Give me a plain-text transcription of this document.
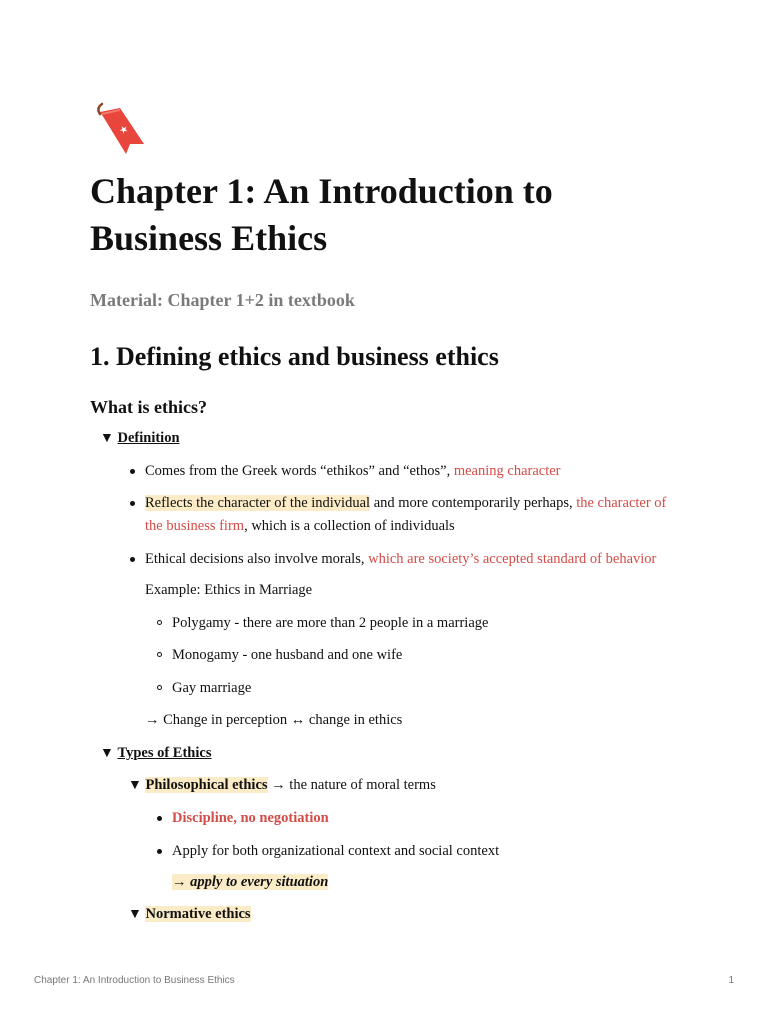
★
Chapter 1: An Introduction to Business Ethics

Material: Chapter 1+2 in textbook

1. Defining ethics and business ethics
What is ethics?
▼ Definition
Comes from the Greek words “ethikos” and “ethos”, meaning character
Reflects the character of the individual and more contemporarily perhaps, the character of the business firm, which is a collection of individuals
Ethical decisions also involve morals, which are society’s accepted standard of behavior
Example: Ethics in Marriage
Polygamy - there are more than 2 people in a marriage
Monogamy - one husband and one wife
Gay marriage
→ Change in perception ↔ change in ethics
▼ Types of Ethics
▼ Philosophical ethics → the nature of moral terms
Discipline, no negotiation
Apply for both organizational context and social context
→ apply to every situation
▼ Normative ethics
Chapter 1: An Introduction to Business Ethics	1
